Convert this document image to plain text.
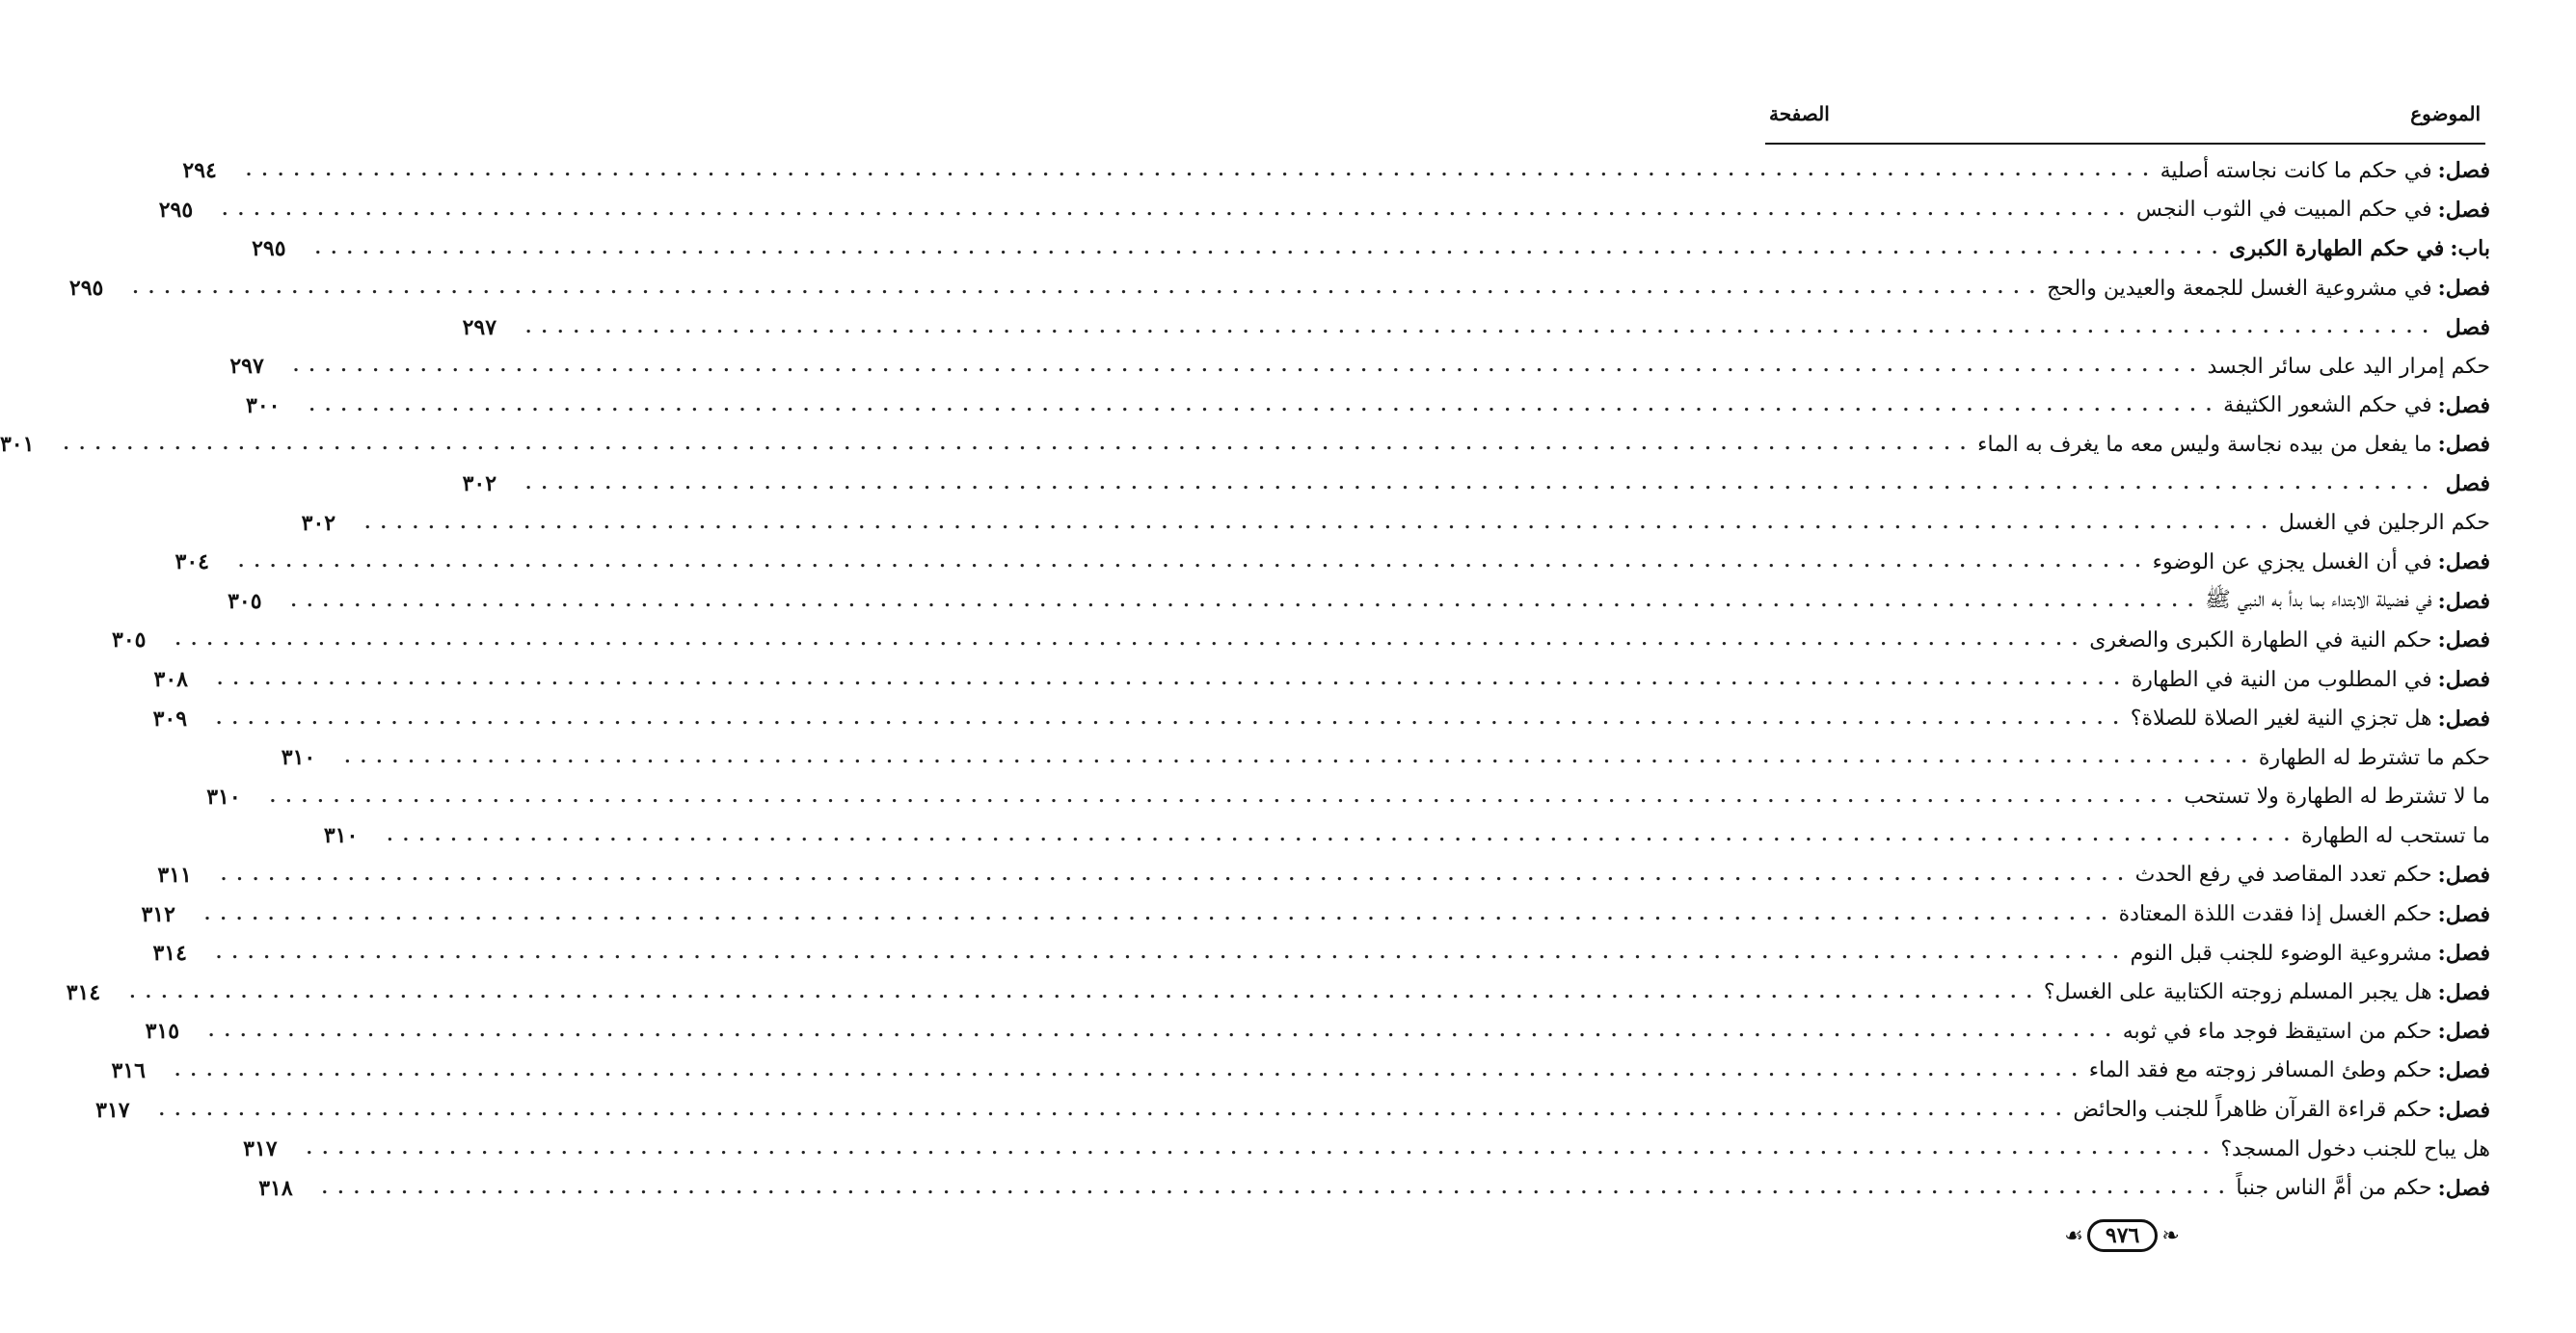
الموضوع
الصفحة
فصل:
في حكم ما كانت نجاسته أصلية
. . . . . . . . . . . . . . . . . . . . . . . . . . . . . . . . . . . . . . . . . . . . . . . . . . . . . . . . . . . . . . . . . . . . . . . . . . . . . . . . . . . . . . . . . . . . . . . . . . . . . . . . . . . . . . . . . . . . . . . .
٢٩٤
فصل:
في حكم المبيت في الثوب النجس
. . . . . . . . . . . . . . . . . . . . . . . . . . . . . . . . . . . . . . . . . . . . . . . . . . . . . . . . . . . . . . . . . . . . . . . . . . . . . . . . . . . . . . . . . . . . . . . . . . . . . . . . . . . . . . . . . . . . . . . .
٢٩٥
باب:
في حكم الطهارة الكبرى
. . . . . . . . . . . . . . . . . . . . . . . . . . . . . . . . . . . . . . . . . . . . . . . . . . . . . . . . . . . . . . . . . . . . . . . . . . . . . . . . . . . . . . . . . . . . . . . . . . . . . . . . . . . . . . . . . . . . . . . .
٢٩٥
فصل:
في مشروعية الغسل للجمعة والعيدين والحج
. . . . . . . . . . . . . . . . . . . . . . . . . . . . . . . . . . . . . . . . . . . . . . . . . . . . . . . . . . . . . . . . . . . . . . . . . . . . . . . . . . . . . . . . . . . . . . . . . . . . . . . . . . . . . . . . . . . . . . . .
٢٩٥
فصل
. . . . . . . . . . . . . . . . . . . . . . . . . . . . . . . . . . . . . . . . . . . . . . . . . . . . . . . . . . . . . . . . . . . . . . . . . . . . . . . . . . . . . . . . . . . . . . . . . . . . . . . . . . . . . . . . . . . . . . . .
٢٩٧
حكم إمرار اليد على سائر الجسد
. . . . . . . . . . . . . . . . . . . . . . . . . . . . . . . . . . . . . . . . . . . . . . . . . . . . . . . . . . . . . . . . . . . . . . . . . . . . . . . . . . . . . . . . . . . . . . . . . . . . . . . . . . . . . . . . . . . . . . . .
٢٩٧
فصل:
في حكم الشعور الكثيفة
. . . . . . . . . . . . . . . . . . . . . . . . . . . . . . . . . . . . . . . . . . . . . . . . . . . . . . . . . . . . . . . . . . . . . . . . . . . . . . . . . . . . . . . . . . . . . . . . . . . . . . . . . . . . . . . . . . . . . . . .
٣٠٠
فصل:
ما يفعل من بيده نجاسة وليس معه ما يغرف به الماء
. . . . . . . . . . . . . . . . . . . . . . . . . . . . . . . . . . . . . . . . . . . . . . . . . . . . . . . . . . . . . . . . . . . . . . . . . . . . . . . . . . . . . . . . . . . . . . . . . . . . . . . . . . . . . . . . . . . . . . . .
٣٠١
فصل
. . . . . . . . . . . . . . . . . . . . . . . . . . . . . . . . . . . . . . . . . . . . . . . . . . . . . . . . . . . . . . . . . . . . . . . . . . . . . . . . . . . . . . . . . . . . . . . . . . . . . . . . . . . . . . . . . . . . . . . .
٣٠٢
حكم الرجلين في الغسل
. . . . . . . . . . . . . . . . . . . . . . . . . . . . . . . . . . . . . . . . . . . . . . . . . . . . . . . . . . . . . . . . . . . . . . . . . . . . . . . . . . . . . . . . . . . . . . . . . . . . . . . . . . . . . . . . . . . . . . . .
٣٠٢
فصل:
في أن الغسل يجزي عن الوضوء
. . . . . . . . . . . . . . . . . . . . . . . . . . . . . . . . . . . . . . . . . . . . . . . . . . . . . . . . . . . . . . . . . . . . . . . . . . . . . . . . . . . . . . . . . . . . . . . . . . . . . . . . . . . . . . . . . . . . . . . .
٣٠٤
فصل:
في فضيلة الابتداء بما بدأ به النبي ﷺ
. . . . . . . . . . . . . . . . . . . . . . . . . . . . . . . . . . . . . . . . . . . . . . . . . . . . . . . . . . . . . . . . . . . . . . . . . . . . . . . . . . . . . . . . . . . . . . . . . . . . . . . . . . . . . . . . . . . . . . . .
٣٠٥
فصل:
حكم النية في الطهارة الكبرى والصغرى
. . . . . . . . . . . . . . . . . . . . . . . . . . . . . . . . . . . . . . . . . . . . . . . . . . . . . . . . . . . . . . . . . . . . . . . . . . . . . . . . . . . . . . . . . . . . . . . . . . . . . . . . . . . . . . . . . . . . . . . .
٣٠٥
فصل:
في المطلوب من النية في الطهارة
. . . . . . . . . . . . . . . . . . . . . . . . . . . . . . . . . . . . . . . . . . . . . . . . . . . . . . . . . . . . . . . . . . . . . . . . . . . . . . . . . . . . . . . . . . . . . . . . . . . . . . . . . . . . . . . . . . . . . . . .
٣٠٨
فصل:
هل تجزي النية لغير الصلاة للصلاة؟
. . . . . . . . . . . . . . . . . . . . . . . . . . . . . . . . . . . . . . . . . . . . . . . . . . . . . . . . . . . . . . . . . . . . . . . . . . . . . . . . . . . . . . . . . . . . . . . . . . . . . . . . . . . . . . . . . . . . . . . .
٣٠٩
حكم ما تشترط له الطهارة
. . . . . . . . . . . . . . . . . . . . . . . . . . . . . . . . . . . . . . . . . . . . . . . . . . . . . . . . . . . . . . . . . . . . . . . . . . . . . . . . . . . . . . . . . . . . . . . . . . . . . . . . . . . . . . . . . . . . . . . .
٣١٠
ما لا تشترط له الطهارة ولا تستحب
. . . . . . . . . . . . . . . . . . . . . . . . . . . . . . . . . . . . . . . . . . . . . . . . . . . . . . . . . . . . . . . . . . . . . . . . . . . . . . . . . . . . . . . . . . . . . . . . . . . . . . . . . . . . . . . . . . . . . . . .
٣١٠
ما تستحب له الطهارة
. . . . . . . . . . . . . . . . . . . . . . . . . . . . . . . . . . . . . . . . . . . . . . . . . . . . . . . . . . . . . . . . . . . . . . . . . . . . . . . . . . . . . . . . . . . . . . . . . . . . . . . . . . . . . . . . . . . . . . . .
٣١٠
فصل:
حكم تعدد المقاصد في رفع الحدث
. . . . . . . . . . . . . . . . . . . . . . . . . . . . . . . . . . . . . . . . . . . . . . . . . . . . . . . . . . . . . . . . . . . . . . . . . . . . . . . . . . . . . . . . . . . . . . . . . . . . . . . . . . . . . . . . . . . . . . . .
٣١١
فصل:
حكم الغسل إذا فقدت اللذة المعتادة
. . . . . . . . . . . . . . . . . . . . . . . . . . . . . . . . . . . . . . . . . . . . . . . . . . . . . . . . . . . . . . . . . . . . . . . . . . . . . . . . . . . . . . . . . . . . . . . . . . . . . . . . . . . . . . . . . . . . . . . .
٣١٢
فصل:
مشروعية الوضوء للجنب قبل النوم
. . . . . . . . . . . . . . . . . . . . . . . . . . . . . . . . . . . . . . . . . . . . . . . . . . . . . . . . . . . . . . . . . . . . . . . . . . . . . . . . . . . . . . . . . . . . . . . . . . . . . . . . . . . . . . . . . . . . . . . .
٣١٤
فصل:
هل يجبر المسلم زوجته الكتابية على الغسل؟
. . . . . . . . . . . . . . . . . . . . . . . . . . . . . . . . . . . . . . . . . . . . . . . . . . . . . . . . . . . . . . . . . . . . . . . . . . . . . . . . . . . . . . . . . . . . . . . . . . . . . . . . . . . . . . . . . . . . . . . .
٣١٤
فصل:
حكم من استيقظ فوجد ماء في ثوبه
. . . . . . . . . . . . . . . . . . . . . . . . . . . . . . . . . . . . . . . . . . . . . . . . . . . . . . . . . . . . . . . . . . . . . . . . . . . . . . . . . . . . . . . . . . . . . . . . . . . . . . . . . . . . . . . . . . . . . . . .
٣١٥
فصل:
حكم وطئ المسافر زوجته مع فقد الماء
. . . . . . . . . . . . . . . . . . . . . . . . . . . . . . . . . . . . . . . . . . . . . . . . . . . . . . . . . . . . . . . . . . . . . . . . . . . . . . . . . . . . . . . . . . . . . . . . . . . . . . . . . . . . . . . . . . . . . . . .
٣١٦
فصل:
حكم قراءة القرآن ظاهراً للجنب والحائض
. . . . . . . . . . . . . . . . . . . . . . . . . . . . . . . . . . . . . . . . . . . . . . . . . . . . . . . . . . . . . . . . . . . . . . . . . . . . . . . . . . . . . . . . . . . . . . . . . . . . . . . . . . . . . . . . . . . . . . . .
٣١٧
هل يباح للجنب دخول المسجد؟
. . . . . . . . . . . . . . . . . . . . . . . . . . . . . . . . . . . . . . . . . . . . . . . . . . . . . . . . . . . . . . . . . . . . . . . . . . . . . . . . . . . . . . . . . . . . . . . . . . . . . . . . . . . . . . . . . . . . . . . .
٣١٧
فصل:
حكم من أمَّ الناس جنباً
. . . . . . . . . . . . . . . . . . . . . . . . . . . . . . . . . . . . . . . . . . . . . . . . . . . . . . . . . . . . . . . . . . . . . . . . . . . . . . . . . . . . . . . . . . . . . . . . . . . . . . . . . . . . . . . . . . . . . . . .
٣١٨
❧
٩٧٦
☙
